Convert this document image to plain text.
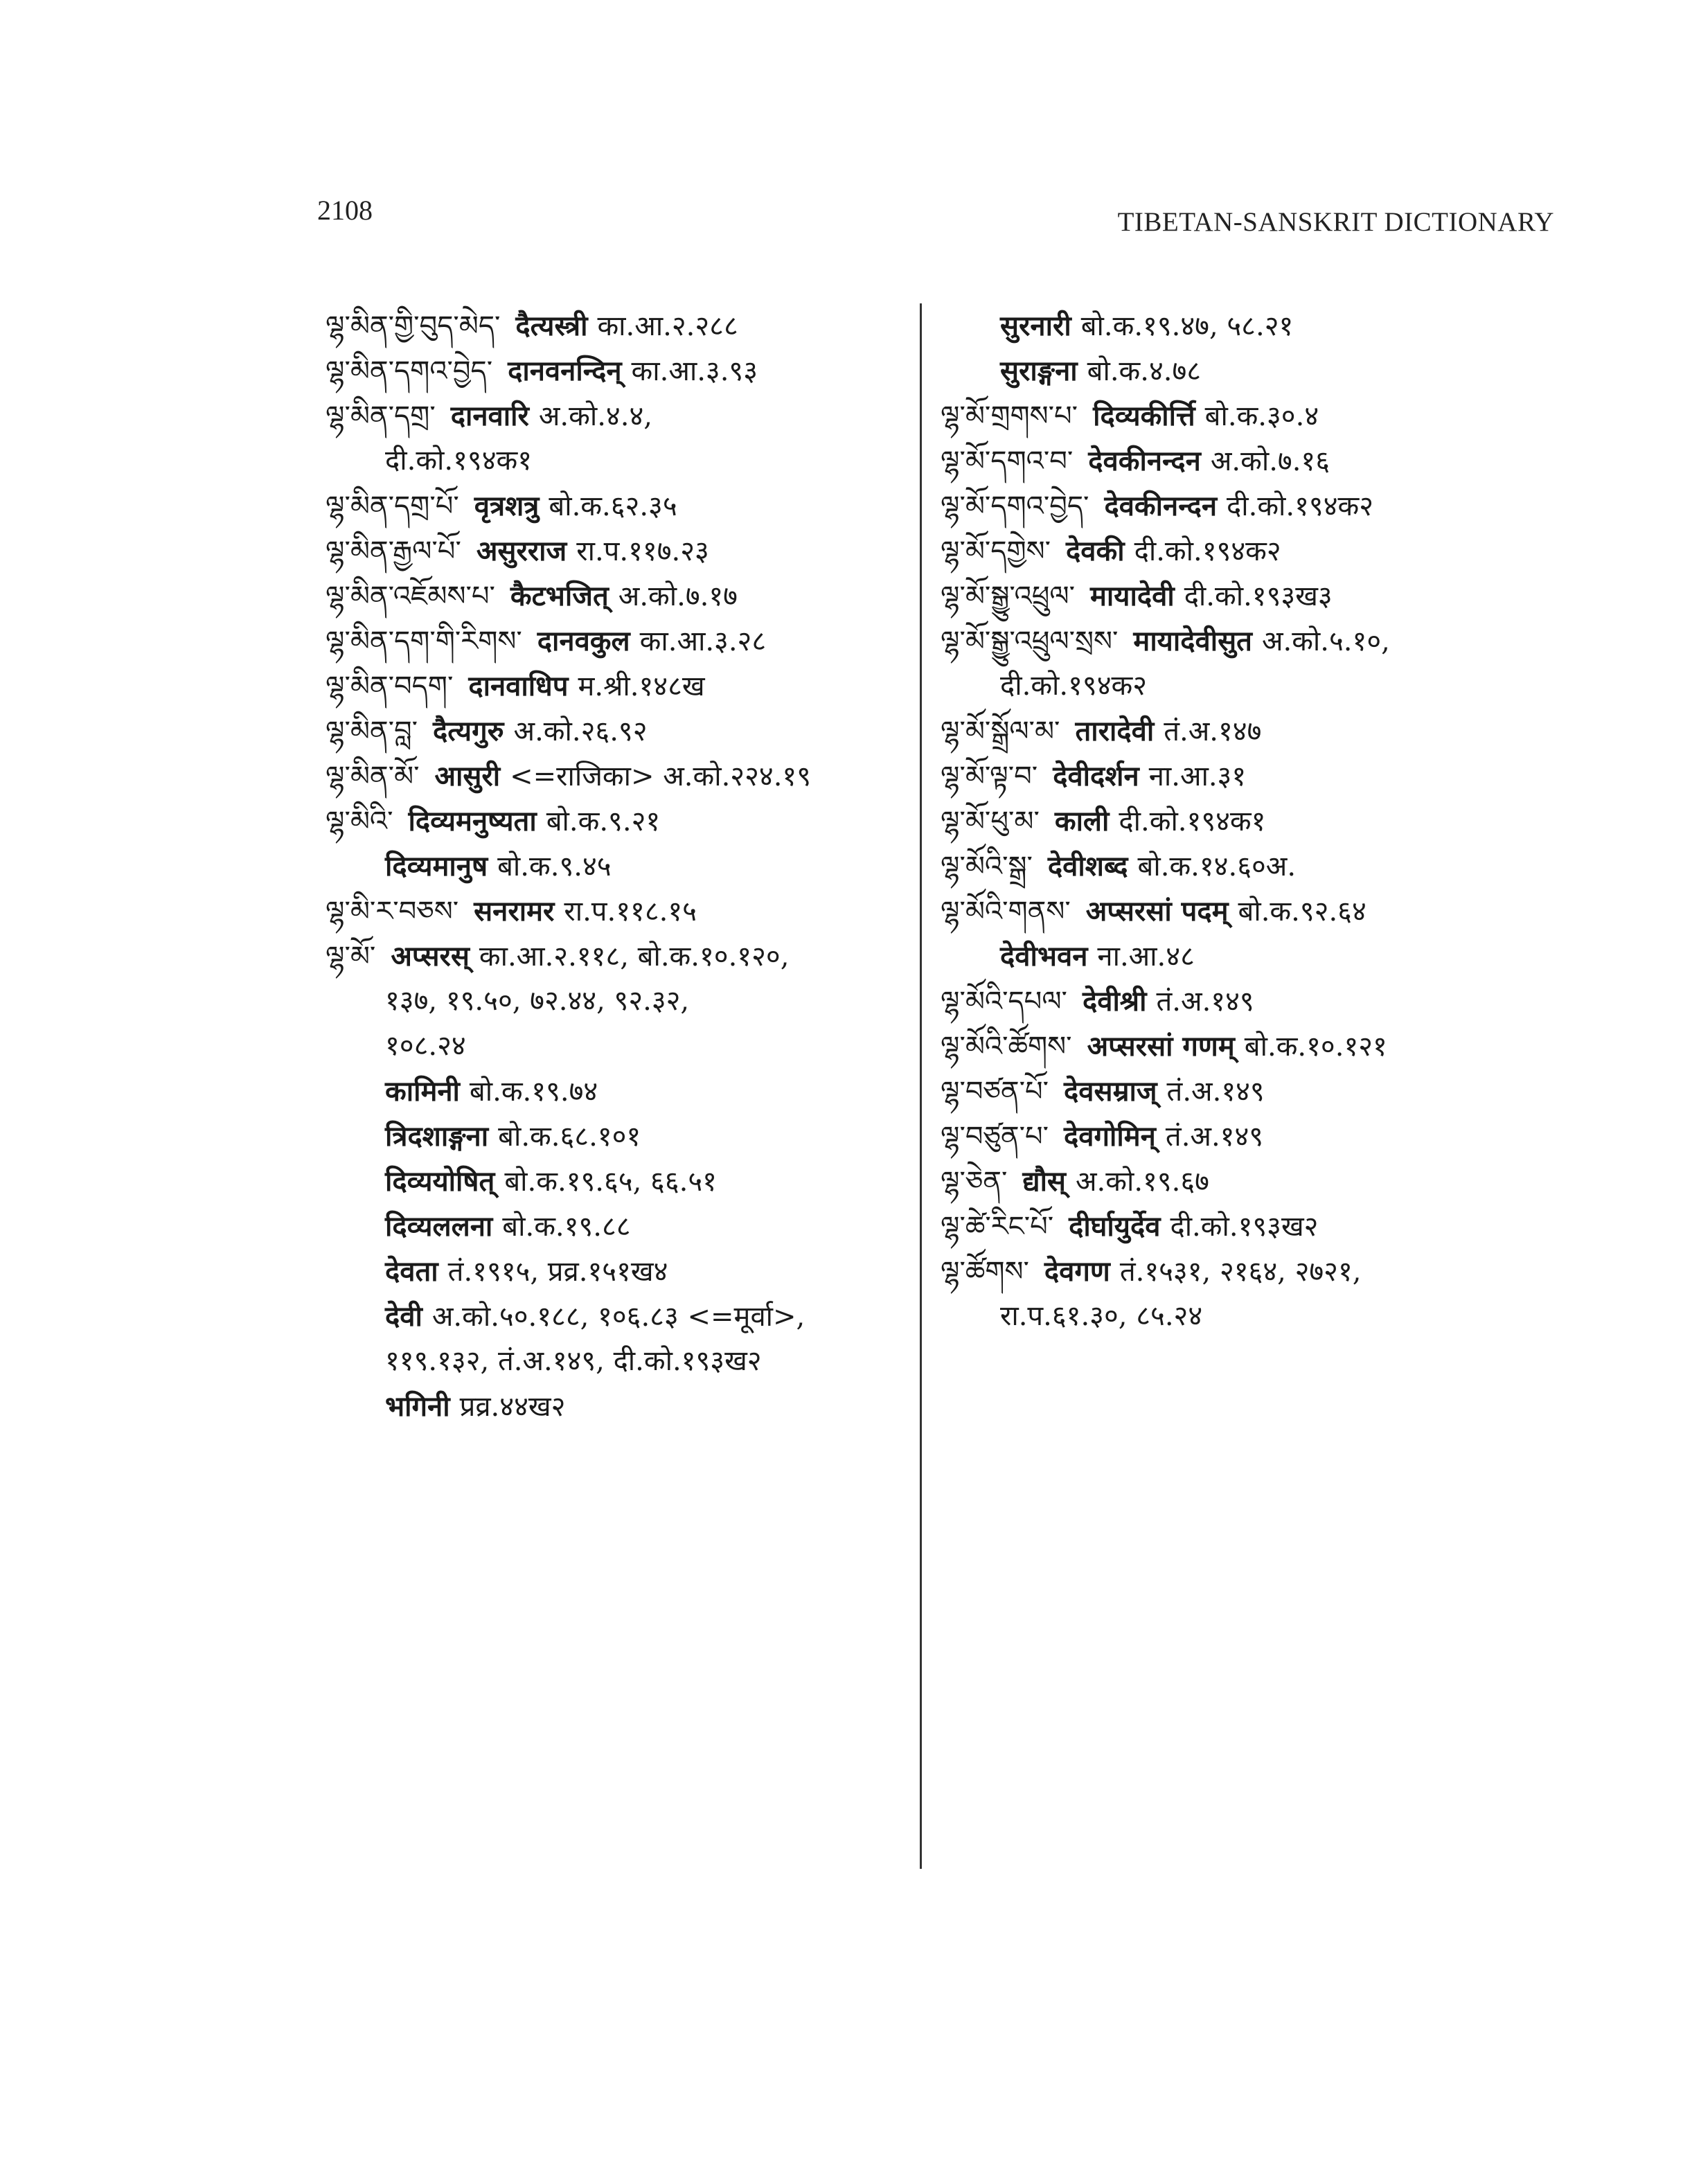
2108	TIBETAN-SANSKRIT DICTIONARY
ལྷ་མིན་གྱི་བུད་མེད་ दैत्यस्त्री का.आ.२.२८८
ལྷ་མིན་དགའ་བྱེད་ दानवनन्दिन् का.आ.३.९३
ལྷ་མིན་དགྲ་ दानवारि अ.को.४.४,
दी.को.१९४क१
ལྷ་མིན་དགྲ་པོ་ वृत्रशत्रु बो.क.६२.३५
ལྷ་མིན་རྒྱལ་པོ་ असुरराज रा.प.११७.२३
ལྷ་མིན་འཇོམས་པ་ कैटभजित् अ.को.७.१७
ལྷ་མིན་དག་གི་རིགས་ दानवकुल का.आ.३.२८
ལྷ་མིན་བདག་ दानवाधिप म.श्री.१४८ख
ལྷ་མིན་བླ་ दैत्यगुरु अ.को.२६.९२
ལྷ་མིན་མོ་ आसुरी <=राजिका> अ.को.२२४.१९
ལྷ་མིའི་ दिव्यमनुष्यता बो.क.९.२१
दिव्यमानुष बो.क.९.४५
ལྷ་མི་ར་བཅས་ सनरामर रा.प.११८.१५
ལྷ་མོ་ अप्सरस् का.आ.२.११८, बो.क.१०.१२०,
१३७, १९.५०, ७२.४४, ९२.३२,
१०८.२४
कामिनी बो.क.१९.७४
त्रिदशाङ्गना बो.क.६८.१०१
दिव्ययोषित् बो.क.१९.६५, ६६.५१
दिव्यललना बो.क.१९.८८
देवता तं.१९१५, प्रव्र.१५१ख४
देवी अ.को.५०.१८८, १०६.८३ <=मूर्वा>,
११९.१३२, तं.अ.१४९, दी.को.१९३ख२
भगिनी प्रव्र.४४ख२
सुरनारी बो.क.१९.४७, ५८.२१
सुराङ्गना बो.क.४.७८
ལྷ་མོ་གྲགས་པ་ दिव्यकीर्त्ति बो.क.३०.४
ལྷ་མོ་དགའ་བ་ देवकीनन्दन अ.को.७.१६
ལྷ་མོ་དགའ་བྱེད་ देवकीनन्दन दी.को.१९४क२
ལྷ་མོ་དགྱེས་ देवकी दी.को.१९४क२
ལྷ་མོ་སྒྱུ་འཕྲུལ་ मायादेवी दी.को.१९३ख३
ལྷ་མོ་སྒྱུ་འཕྲུལ་སྲས་ मायादेवीसुत अ.को.५.१०,
दी.को.१९४क२
ལྷ་མོ་སྒྲོལ་མ་ तारादेवी तं.अ.१४७
ལྷ་མོ་ལྟ་བ་ देवीदर्शन ना.आ.३१
ལྷ་མོ་ཕུ་མ་ काली दी.को.१९४क१
ལྷ་མོའི་སྒྲ་ देवीशब्द बो.क.१४.६०अ.
ལྷ་མོའི་གནས་ अप्सरसां पदम् बो.क.९२.६४
देवीभवन ना.आ.४८
ལྷ་མོའི་དཔལ་ देवीश्री तं.अ.१४९
ལྷ་མོའི་ཚོགས་ अप्सरसां गणम् बो.क.१०.१२१
ལྷ་བཙན་པོ་ देवसम्राज् तं.अ.१४९
ལྷ་བཙུན་པ་ देवगोमिन् तं.अ.१४९
ལྷ་ཅེན་ द्यौस् अ.को.१९.६७
ལྷ་ཚེ་རིང་པོ་ दीर्घायुर्देव दी.को.१९३ख२
ལྷ་ཚོགས་ देवगण तं.१५३१, २१६४, २७२१,
रा.प.६१.३०, ८५.२४
